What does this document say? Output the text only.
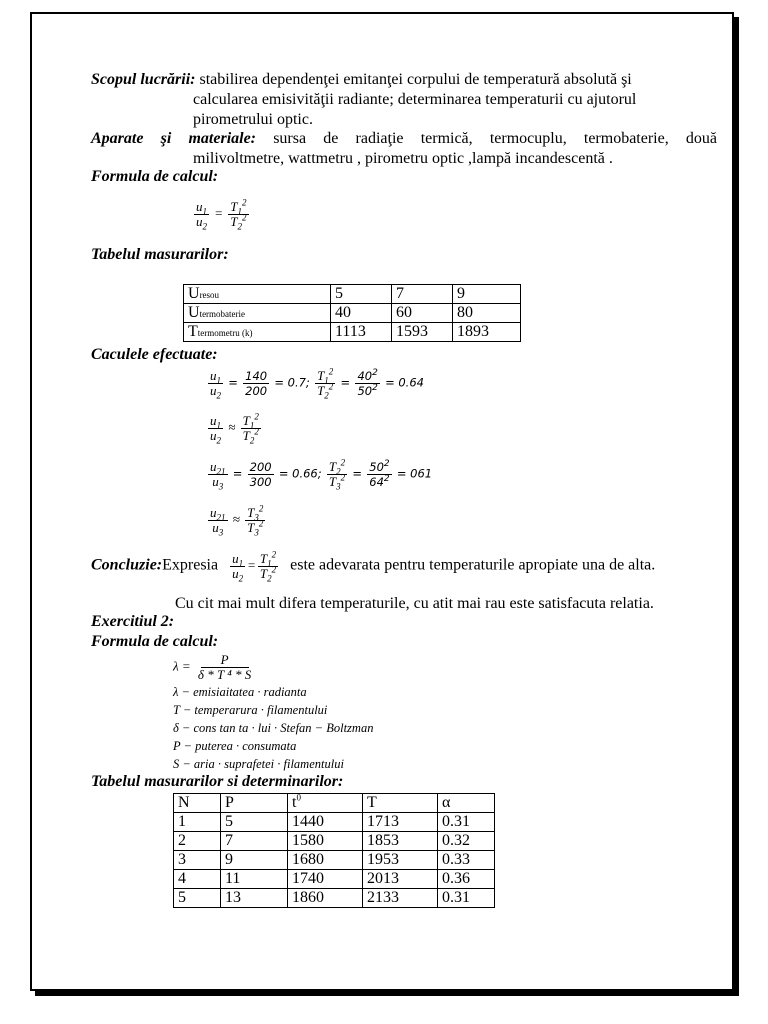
Scopul lucrării: stabilirea dependenţei emitanţei corpului de temperatură absolută şi
calcularea emisivităţii radiante; determinarea temperaturii cu ajutorul
pirometrului optic.
Aparate şi materiale: sursa de radiaţie termică, termocuplu, termobaterie, două
milivoltmetre, wattmetru , pirometru optic ,lampă incandescentă .
Formula de calcul:
$\frac{u_1}{u_2} = \frac{T_1^2}{T_2^2}$
Tabelul masurarilor:
Uresou	5	7	9
Utermobaterie	40	60	80
Ttermometru (k)	1113	1593	1893
Caculele efectuate:
$\frac{u_1}{u_2} = \frac{140}{200} = 0.7$; $\frac{T_1^2}{T_2^2} = \frac{40^2}{50^2} = 0.64$
$\frac{u_1}{u_2} \approx \frac{T_1^2}{T_2^2}$
$\frac{u_{21}}{u_3} = \frac{200}{300} = 0.66$; $\frac{T_2^2}{T_3^2} = \frac{50^2}{64^2} = 061$
$\frac{u_{21}}{u_3} \approx \frac{T_3^2}{T_3^2}$
Concluzie:Expresia $\frac{u_1}{u_2} = \frac{T_1^2}{T_2^2}$ este adevarata pentru temperaturile apropiate una de alta.
Cu cit mai mult difera temperaturile, cu atit mai rau este satisfacuta relatia.
Exercitiul 2:
Formula de calcul:
$\lambda = \frac{P}{\text{δ * T ⁴ * S}}$
λ − emisiaitatea · radianta
T − temperarura · filamentului
δ − cons tan ta · lui · Stefan − Boltzman
P − puterea · consumata
S − aria · suprafetei · filamentului
Tabelul masurarilor si determinarilor:
N	P	$t^0$	T	α
1	5	1440	1713	0.31
2	7	1580	1853	0.32
3	9	1680	1953	0.33
4	11	1740	2013	0.36
5	13	1860	2133	0.31
